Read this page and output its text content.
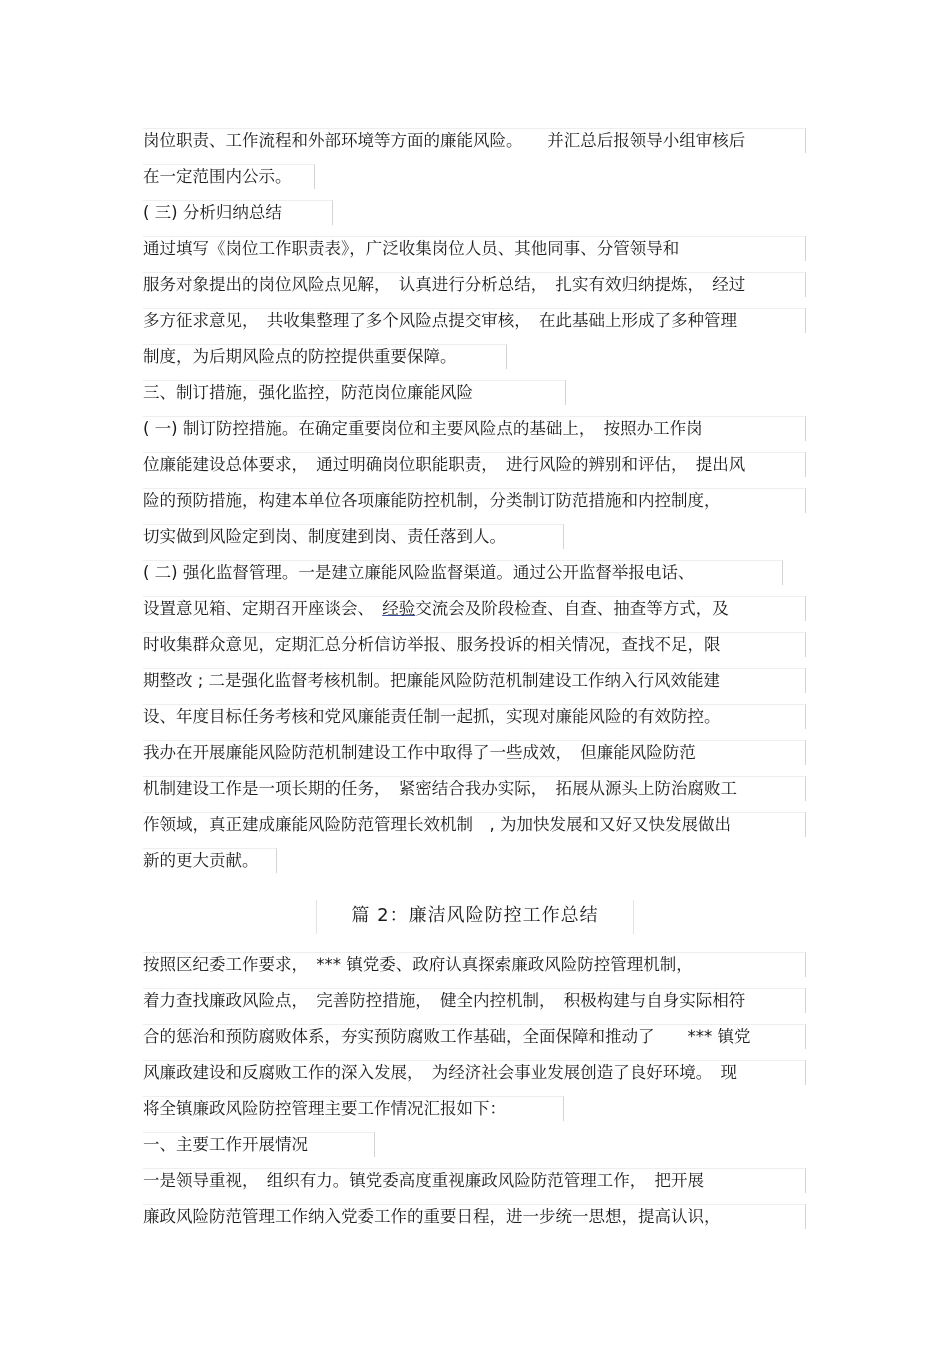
岗位职责、工作流程和外部环境等方面的廉能风险。　　并汇总后报领导小组审核后
在一定范围内公示。
( 三) 分析归纳总结
通过填写《岗位工作职责表》，广泛收集岗位人员、其他同事、分管领导和
服务对象提出的岗位风险点见解，　认真进行分析总结，　扎实有效归纳提炼，　经过
多方征求意见，　共收集整理了多个风险点提交审核，　在此基础上形成了多种管理
制度，为后期风险点的防控提供重要保障。
三、制订措施，强化监控，防范岗位廉能风险
( 一) 制订防控措施。在确定重要岗位和主要风险点的基础上，　按照办工作岗
位廉能建设总体要求，　通过明确岗位职能职责，　进行风险的辨别和评估，　提出风
险的预防措施，构建本单位各项廉能防控机制，分类制订防范措施和内控制度，
切实做到风险定到岗、制度建到岗、责任落到人。
( 二) 强化监督管理。一是建立廉能风险监督渠道。通过公开监督举报电话、
设置意见箱、定期召开座谈会、　经验交流会及阶段检查、自查、抽查等方式，及
时收集群众意见，定期汇总分析信访举报、服务投诉的相关情况，查找不足，限
期整改 ; 二是强化监督考核机制。把廉能风险防范机制建设工作纳入行风效能建
设、年度目标任务考核和党风廉能责任制一起抓，实现对廉能风险的有效防控。
我办在开展廉能风险防范机制建设工作中取得了一些成效，　但廉能风险防范
机制建设工作是一项长期的任务，　紧密结合我办实际，　拓展从源头上防治腐败工
作领域，真正建成廉能风险防范管理长效机制　, 为加快发展和又好又快发展做出
新的更大贡献。
篇 2：廉洁风险防控工作总结
按照区纪委工作要求，　*** 镇党委、政府认真探索廉政风险防控管理机制，
着力查找廉政风险点，　完善防控措施，　健全内控机制，　积极构建与自身实际相符
合的惩治和预防腐败体系，夯实预防腐败工作基础，全面保障和推动了　　*** 镇党
风廉政建设和反腐败工作的深入发展，　为经济社会事业发展创造了良好环境。　现
将全镇廉政风险防控管理主要工作情况汇报如下：
一、主要工作开展情况
一是领导重视，　组织有力。镇党委高度重视廉政风险防范管理工作，　把开展
廉政风险防范管理工作纳入党委工作的重要日程，进一步统一思想，提高认识，
